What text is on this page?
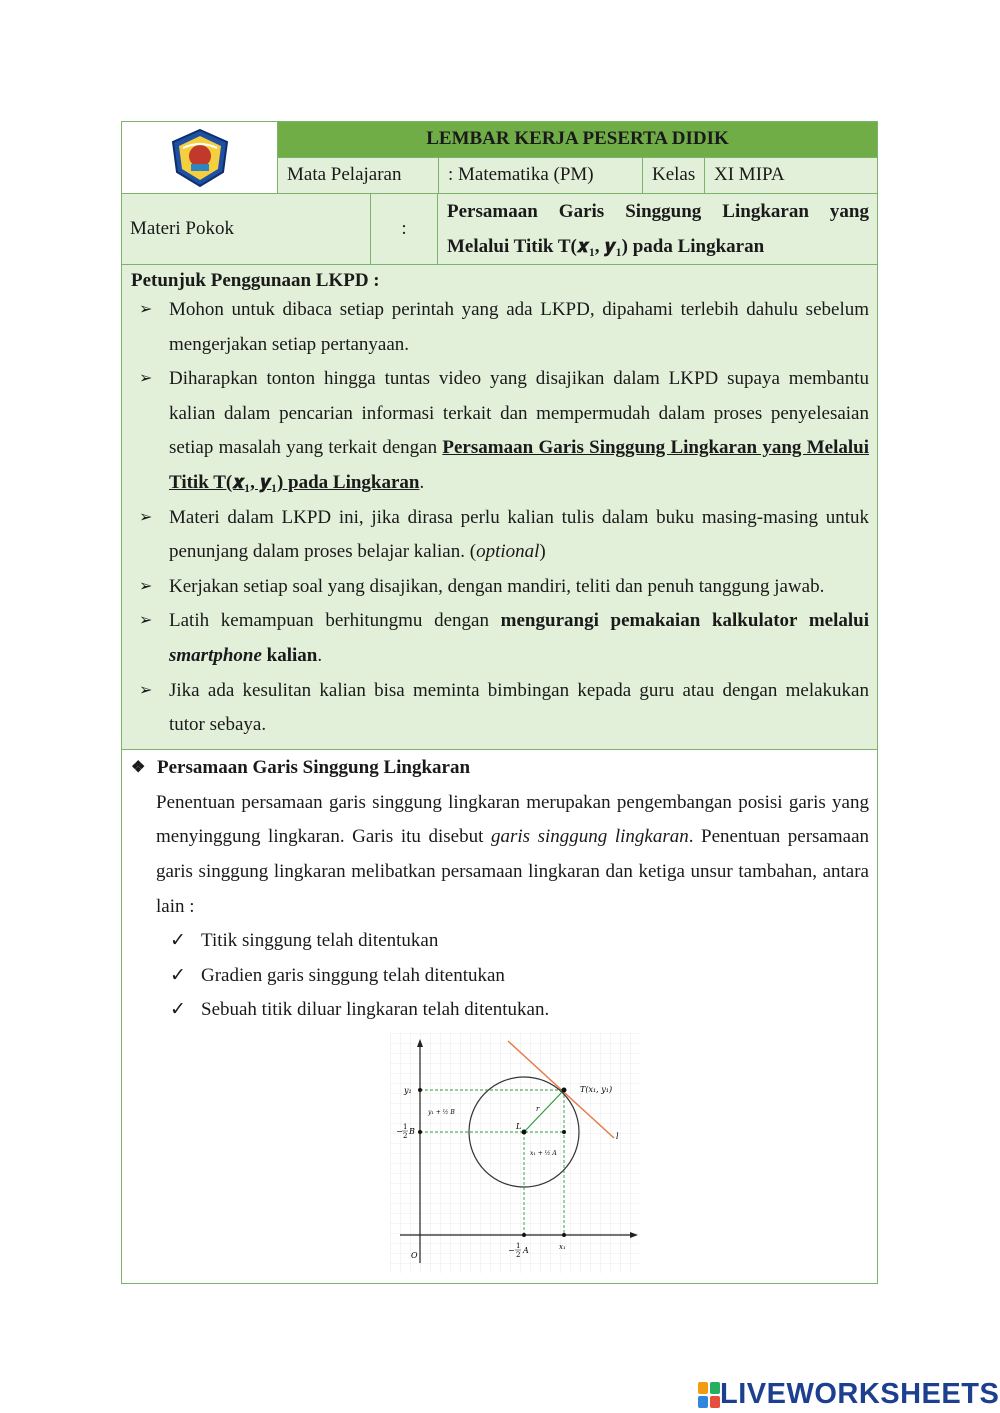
LEMBAR KERJA PESERTA DIDIK
Mata Pelajaran	: Matematika (PM)	Kelas XI MIPA
Materi Pokok	:
Persamaan Garis Singgung Lingkaran yang
Melalui Titik T(𝒙₁, 𝒚₁) pada Lingkaran
Petunjuk Penggunaan LKPD :
➢ Mohon untuk dibaca setiap perintah yang ada LKPD, dipahami terlebih dahulu sebelum mengerjakan setiap pertanyaan.
➢ Diharapkan tonton hingga tuntas video yang disajikan dalam LKPD supaya membantu kalian dalam pencarian informasi terkait dan mempermudah dalam proses penyelesaian setiap masalah yang terkait dengan Persamaan Garis Singgung Lingkaran yang Melalui Titik T(𝒙₁, 𝒚₁) pada Lingkaran.
➢ Materi dalam LKPD ini, jika dirasa perlu kalian tulis dalam buku masing-masing untuk penunjang dalam proses belajar kalian. (optional)
➢ Kerjakan setiap soal yang disajikan, dengan mandiri, teliti dan penuh tanggung jawab.
➢ Latih kemampuan berhitungmu dengan mengurangi pemakaian kalkulator melalui smartphone kalian.
➢ Jika ada kesulitan kalian bisa meminta bimbingan kepada guru atau dengan melakukan tutor sebaya.
❖ Persamaan Garis Singgung Lingkaran
Penentuan persamaan garis singgung lingkaran merupakan pengembangan posisi garis yang menyinggung lingkaran. Garis itu disebut garis singgung lingkaran. Penentuan persamaan garis singgung lingkaran melibatkan persamaan lingkaran dan ketiga unsur tambahan, antara lain :
✓ Titik singgung telah ditentukan
✓ Gradien garis singgung telah ditentukan
✓ Sebuah titik diluar lingkaran telah ditentukan.
y₁
− 1
2 B
T(x₁, y₁)
L
r
l
y₁ + ½ B
x₁ + ½ A
O
− 1
2 A	x₁
LIVEWORKSHEETS
